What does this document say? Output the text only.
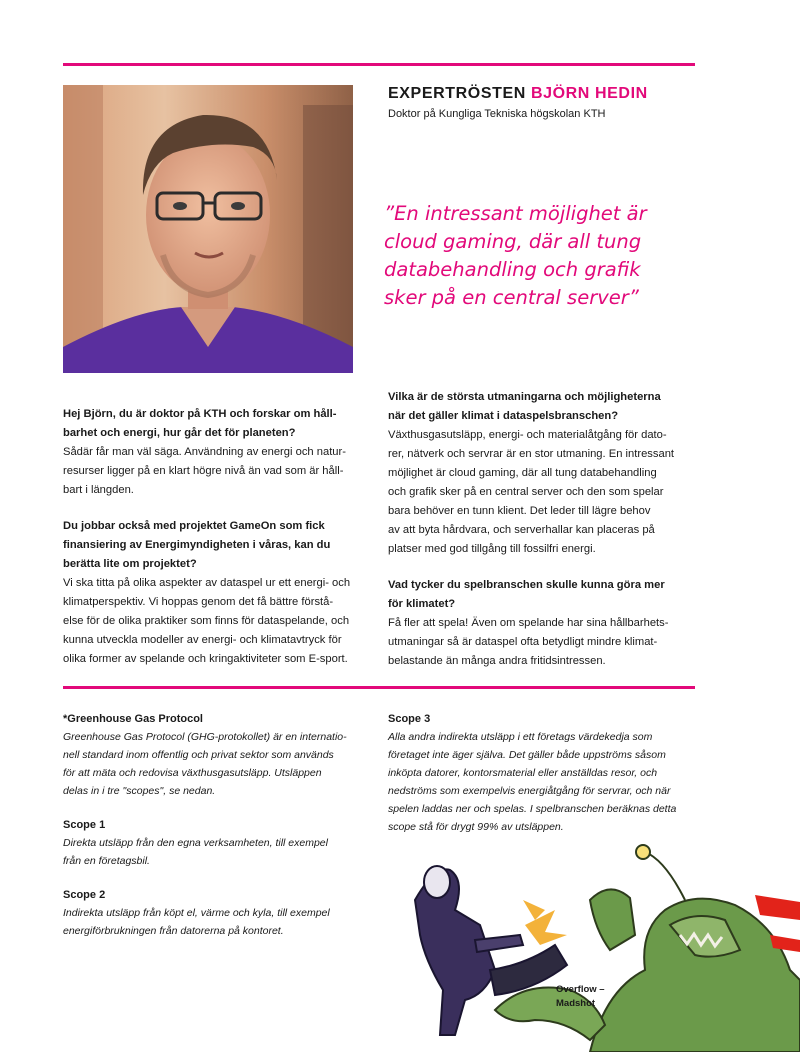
EXPERTRÖSTEN BJÖRN HEDIN
Doktor på Kungliga Tekniska högskolan KTH
”En intressant möjlighet är
cloud gaming, där all tung
databehandling och grafik
sker på en central server”
Hej Björn, du är doktor på KTH och forskar om håll-
barhet och energi, hur går det för planeten?
Sådär får man väl säga. Användning av energi och natur-
resurser ligger på en klart högre nivå än vad som är håll-
bart i längden.
Du jobbar också med projektet GameOn som fick
finansiering av Energimyndigheten i våras, kan du
berätta lite om projektet?
Vi ska titta på olika aspekter av dataspel ur ett energi- och
klimatperspektiv. Vi hoppas genom det få bättre förstå-
else för de olika praktiker som finns för dataspelande, och
kunna utveckla modeller av energi- och klimatavtryck för
olika former av spelande och kringaktiviteter som E-sport.
Vilka är de största utmaningarna och möjligheterna
när det gäller klimat i dataspelsbranschen?
Växthusgasutsläpp, energi- och materialåtgång för dato-
rer, nätverk och servrar är en stor utmaning. En intressant
möjlighet är cloud gaming, där all tung databehandling
och grafik sker på en central server och den som spelar
bara behöver en tunn klient. Det leder till lägre behov
av att byta hårdvara, och serverhallar kan placeras på
platser med god tillgång till fossilfri energi.
Vad tycker du spelbranschen skulle kunna göra mer
för klimatet?
Få fler att spela! Även om spelande har sina hållbarhets-
utmaningar så är dataspel ofta betydligt mindre klimat-
belastande än många andra fritidsintressen.
*Greenhouse Gas Protocol
Greenhouse Gas Protocol (GHG-protokollet) är en internatio-
nell standard inom offentlig och privat sektor som används
för att mäta och redovisa växthusgasutsläpp. Utsläppen
delas in i tre "scopes", se nedan.
Scope 1
Direkta utsläpp från den egna verksamheten, till exempel
från en företagsbil.
Scope 2
Indirekta utsläpp från köpt el, värme och kyla, till exempel
energiförbrukningen från datorerna på kontoret.
Scope 3
Alla andra indirekta utsläpp i ett företags värdekedja som
företaget inte äger själva. Det gäller både uppströms såsom
inköpta datorer, kontorsmaterial eller anställdas resor, och
nedströms som exempelvis energiåtgång för servrar, och när
spelen laddas ner och spelas. I spelbranschen beräknas detta
scope stå för drygt 99% av utsläppen.
Overflow –
Madshot
